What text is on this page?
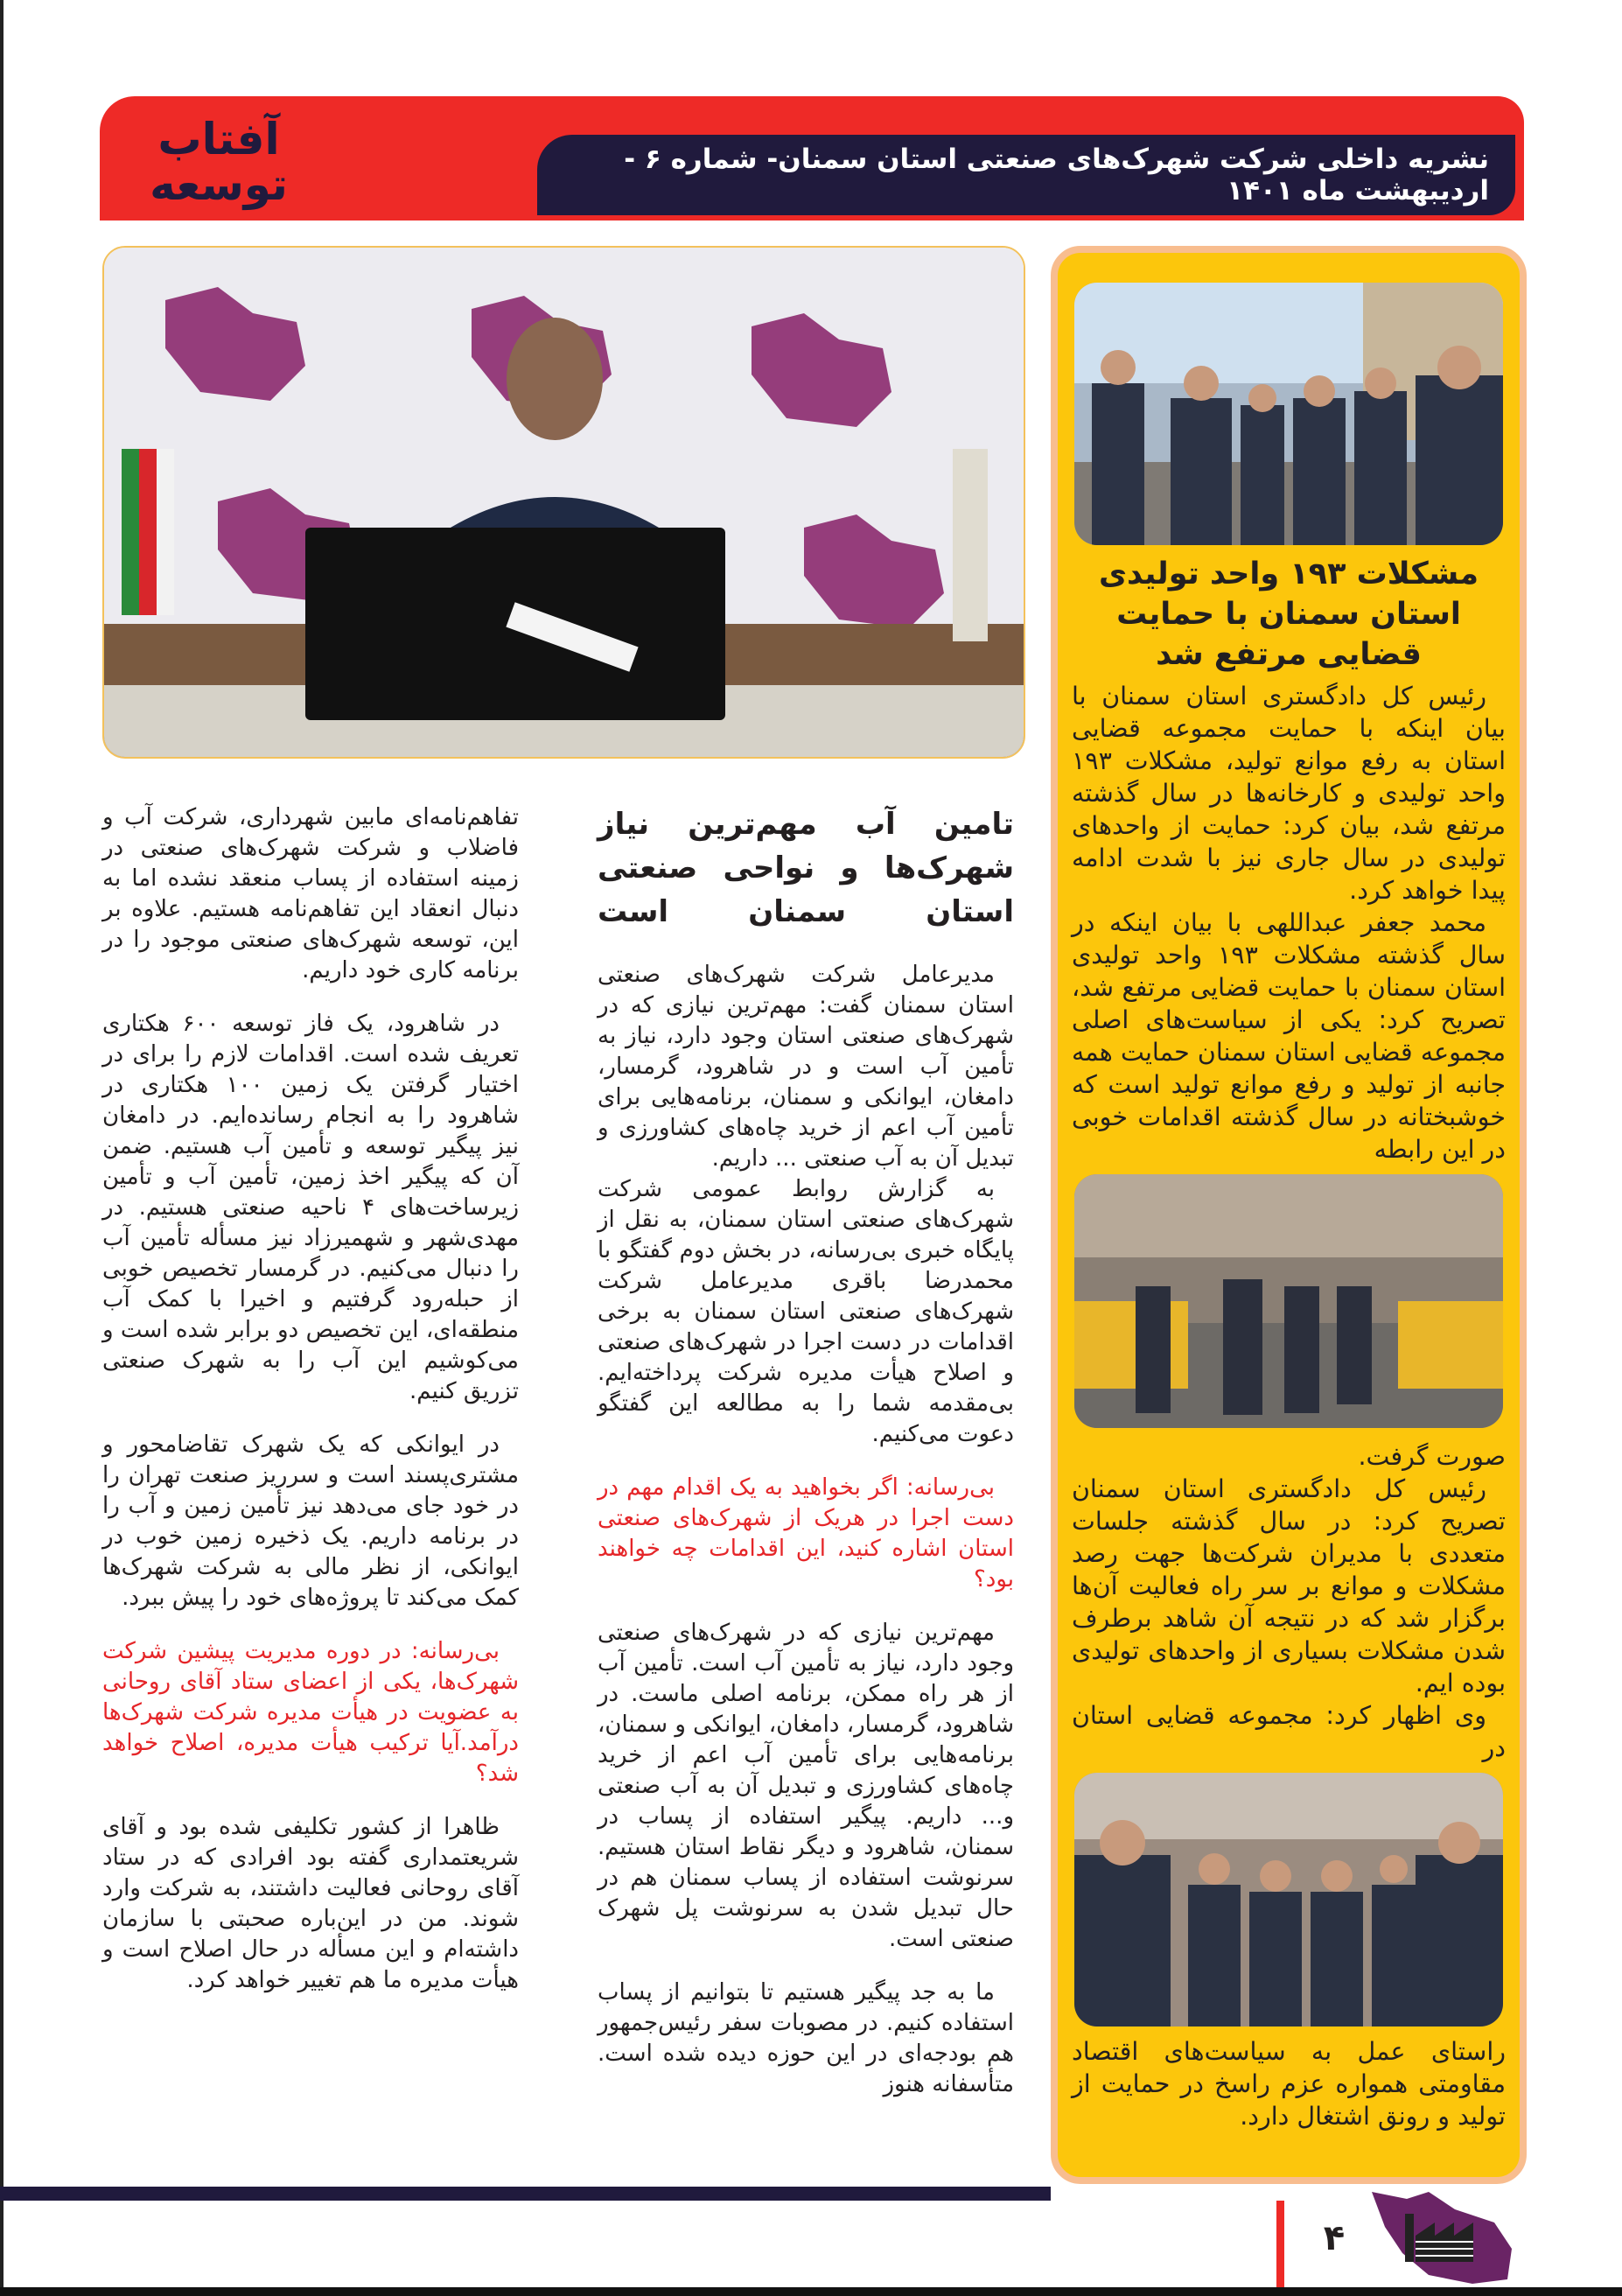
آفتاب
توسعه	نشریه داخلی شرکت شهرک‌های صنعتی استان سمنان- شماره ۶ - اردیبهشت ماه ۱۴۰۱
مشکلات ۱۹۳ واحد تولیدی استان سمنان با حمایت قضایی مرتفع شد

رئیس کل دادگستری استان سمنان با بیان اینکه با حمایت مجموعه قضایی استان به رفع موانع تولید، مشکلات ۱۹۳ واحد تولیدی و کارخانه‌ها در سال گذشته مرتفع شد، بیان کرد: حمایت از واحدهای تولیدی در سال جاری نیز با شدت ادامه پیدا خواهد کرد.

محمد جعفر عبداللهی با بیان اینکه در سال گذشته مشکلات ۱۹۳ واحد تولیدی استان سمنان با حمایت قضایی مرتفع شد، تصریح کرد: یکی از سیاست‌های اصلی مجموعه قضایی استان سمنان حمایت همه جانبه از تولید و رفع موانع تولید است که خوشبختانه در سال گذشته اقدامات خوبی در این رابطه

صورت گرفت.

رئیس کل دادگستری استان سمنان تصریح کرد: در سال گذشته جلسات متعددی با مدیران شرکت‌ها جهت رصد مشکلات و موانع بر سر راه فعالیت آن‌ها برگزار شد که در نتیجه آن شاهد برطرف شدن مشکلات بسیاری از واحدهای تولیدی بوده ایم.

وی اظهار کرد: مجموعه قضایی استان در

راستای عمل به سیاست‌های اقتصاد مقاومتی همواره عزم راسخ در حمایت از تولید و رونق اشتغال دارد.

تامین آب مهم‌ترین نیاز شهرک‌ها و نواحی صنعتی استان سمنان است

مدیرعامل شرکت شهرک‌های صنعتی استان سمنان گفت: مهم‌ترین نیازی که در شهرک‌های صنعتی استان وجود دارد، نیاز به تأمین آب است و در شاهرود، گرمسار، دامغان، ایوانکی و سمنان، برنامه‌هایی برای تأمین آب اعم از خرید چاه‌های کشاورزی و تبدیل آن به آب صنعتی ... داریم.

به گزارش روابط عمومی شرکت شهرک‌های صنعتی استان سمنان، به نقل از پایگاه خبری بی‌رسانه، در بخش دوم گفتگو با محمدرضا باقری مدیرعامل شرکت شهرک‌های صنعتی استان سمنان به برخی اقدامات در دست اجرا در شهرک‌های صنعتی و اصلاح هیأت مدیره شرکت پرداخته‌ایم. بی‌مقدمه شما را به مطالعه این گفتگو دعوت می‌کنیم.

بی‌رسانه: اگر بخواهید به یک اقدام مهم در دست اجرا در هریک از شهرک‌های صنعتی استان اشاره کنید، این اقدامات چه خواهند بود؟

مهم‌ترین نیازی که در شهرک‌های صنعتی وجود دارد، نیاز به تأمین آب است. تأمین آب از هر راه ممکن، برنامه اصلی ماست. در شاهرود، گرمسار، دامغان، ایوانکی و سمنان، برنامه‌هایی برای تأمین آب اعم از خرید چاه‌های کشاورزی و تبدیل آن به آب صنعتی و... داریم. پیگیر استفاده از پساب در سمنان، شاهرود و دیگر نقاط استان هستیم. سرنوشت استفاده از پساب سمنان هم در حال تبدیل شدن به سرنوشت پل شهرک صنعتی است.

ما به جد پیگیر هستیم تا بتوانیم از پساب استفاده کنیم. در مصوبات سفر رئیس‌جمهور هم بودجه‌ای در این حوزه دیده شده است. متأسفانه هنوز

تفاهم‌نامه‌ای مابین شهرداری، شرکت آب و فاضلاب و شرکت شهرک‌های صنعتی در زمینه استفاده از پساب منعقد نشده اما به دنبال انعقاد این تفاهم‌نامه هستیم. علاوه بر این، توسعه شهرک‌های صنعتی موجود را در برنامه کاری خود داریم.

در شاهرود، یک فاز توسعه ۶۰۰ هکتاری تعریف شده است. اقدامات لازم را برای در اختیار گرفتن یک زمین ۱۰۰ هکتاری در شاهرود را به انجام رسانده‌ایم. در دامغان نیز پیگیر توسعه و تأمین آب هستیم. ضمن آن که پیگیر اخذ زمین، تأمین آب و تأمین زیرساخت‌های ۴ ناحیه صنعتی هستیم. در مهدی‌شهر و شهمیرزاد نیز مسأله تأمین آب را دنبال می‌کنیم. در گرمسار تخصیص خوبی از حبله‌رود گرفتیم و اخیرا با کمک آب منطقه‌ای، این تخصیص دو برابر شده است و می‌کوشیم این آب را به شهرک صنعتی تزریق کنیم.

در ایوانکی که یک شهرک تقاضامحور و مشتری‌پسند است و سرریز صنعت تهران را در خود جای می‌دهد نیز تأمین زمین و آب را در برنامه داریم. یک ذخیره زمین خوب در ایوانکی، از نظر مالی به شرکت شهرک‌ها کمک می‌کند تا پروژه‌های خود را پیش ببرد.

بی‌رسانه: در دوره مدیریت پیشین شرکت شهرک‌ها، یکی از اعضای ستاد آقای روحانی به عضویت در هیأت مدیره شرکت شهرک‌ها درآمد.آیا ترکیب هیأت مدیره، اصلاح خواهد شد؟

ظاهرا از کشور تکلیفی شده بود و آقای شریعتمداری گفته بود افرادی که در ستاد آقای روحانی فعالیت داشتند، به شرکت وارد شوند. من در این‌باره صحبتی با سازمان داشته‌ام و این مسأله در حال اصلاح است و هیأت مدیره ما هم تغییر خواهد کرد.

۴
